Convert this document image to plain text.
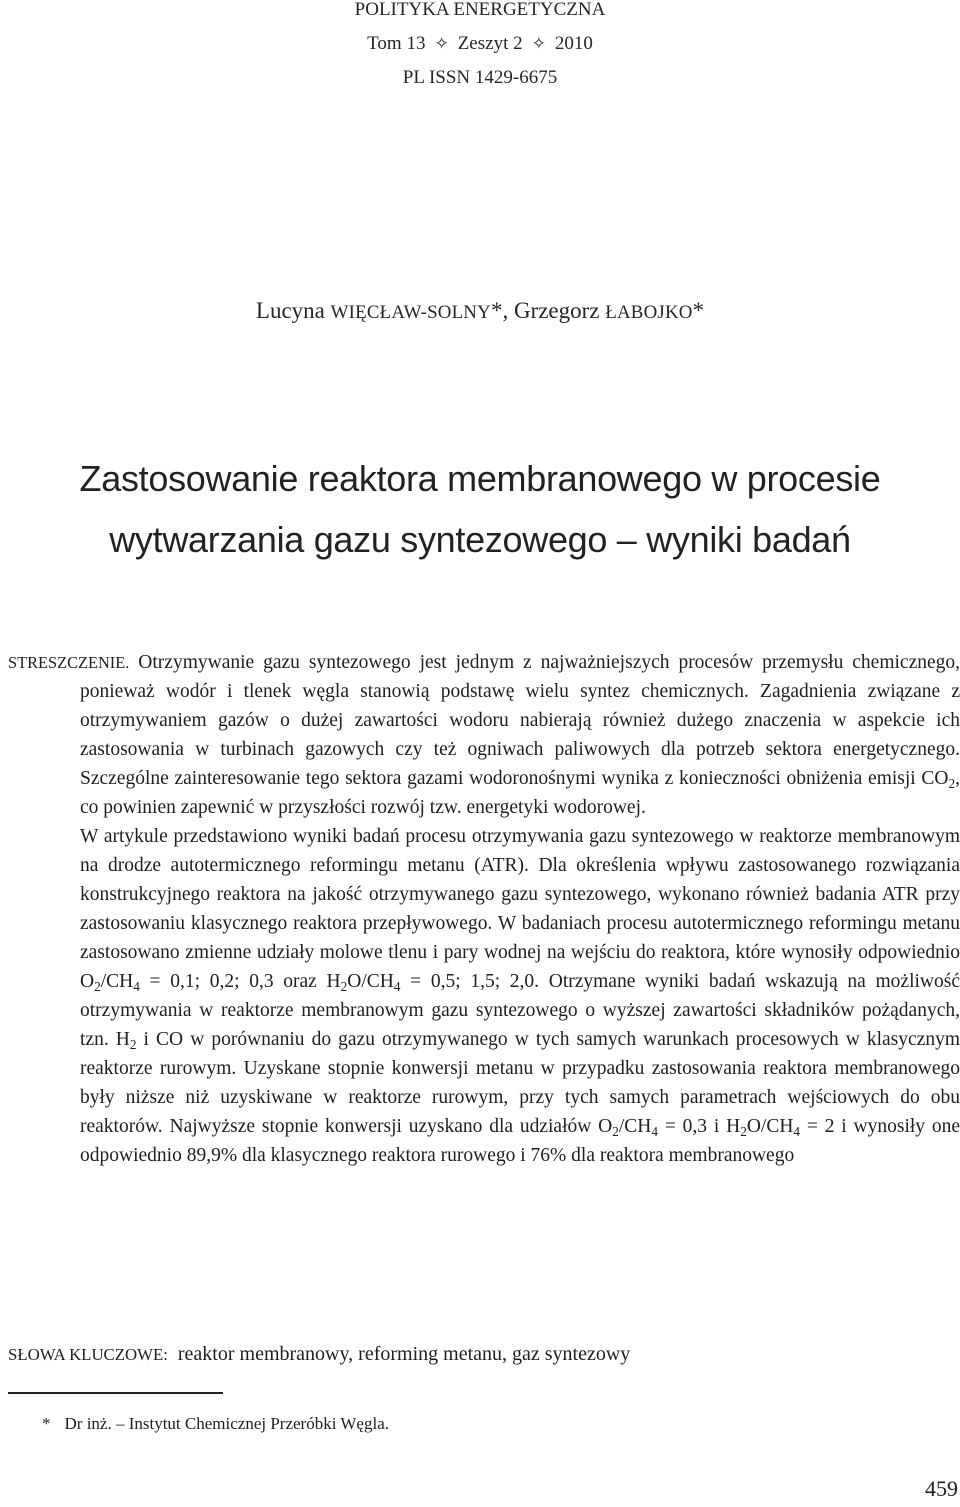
POLITYKA ENERGETYCZNA
Tom 13 ✧ Zeszyt 2 ✧ 2010
PL ISSN 1429-6675
Lucyna WIĘCŁAW-SOLNY*, Grzegorz ŁABOJKO*
Zastosowanie reaktora membranowego w procesie
wytwarzania gazu syntezowego – wyniki badań

STRESZCZENIE. Otrzymywanie gazu syntezowego jest jednym z najważniejszych procesów przemysłu chemicznego, ponieważ wodór i tlenek węgla stanowią podstawę wielu syntez chemicznych. Zagadnienia związane z otrzymywaniem gazów o dużej zawartości wodoru nabierają również dużego znaczenia w aspekcie ich zastosowania w turbinach gazowych czy też ogniwach paliwowych dla potrzeb sektora energetycznego. Szczególne zainteresowanie tego sektora gazami wodoronośnymi wynika z konieczności obniżenia emisji $CO_2$, co powinien zapewnić w przyszłości rozwój tzw. energetyki wodorowej.

W artykule przedstawiono wyniki badań procesu otrzymywania gazu syntezowego w reaktorze membranowym na drodze autotermicznego reformingu metanu (ATR). Dla określenia wpływu zastosowanego rozwiązania konstrukcyjnego reaktora na jakość otrzymywanego gazu syntezowego, wykonano również badania ATR przy zastosowaniu klasycznego reaktora przepływowego. W badaniach procesu autotermicznego reformingu metanu zastosowano zmienne udziały molowe tlenu i pary wodnej na wejściu do reaktora, które wynosiły odpowiednio $O_2/CH_4 = 0,1$; 0,2; 0,3 oraz $H_2O/CH_4 = 0,5$; 1,5; 2,0. Otrzymane wyniki badań wskazują na możliwość otrzymywania w reaktorze membranowym gazu syntezowego o wyższej zawartości składników pożądanych, tzn. $H_2$ i CO w porównaniu do gazu otrzymywanego w tych samych warunkach procesowych w klasycznym reaktorze rurowym. Uzyskane stopnie konwersji metanu w przypadku zastosowania reaktora membranowego były niższe niż uzyskiwane w reaktorze rurowym, przy tych samych parametrach wejściowych do obu reaktorów. Najwyższe stopnie konwersji uzyskano dla udziałów $O_2/CH_4 = 0,3$ i $H_2O/CH_4 = 2$ i wynosiły one odpowiednio 89,9% dla klasycznego reaktora rurowego i 76% dla reaktora membranowego

SŁOWA KLUCZOWE: reaktor membranowy, reforming metanu, gaz syntezowy
* Dr inż. – Instytut Chemicznej Przeróbki Węgla.
459
